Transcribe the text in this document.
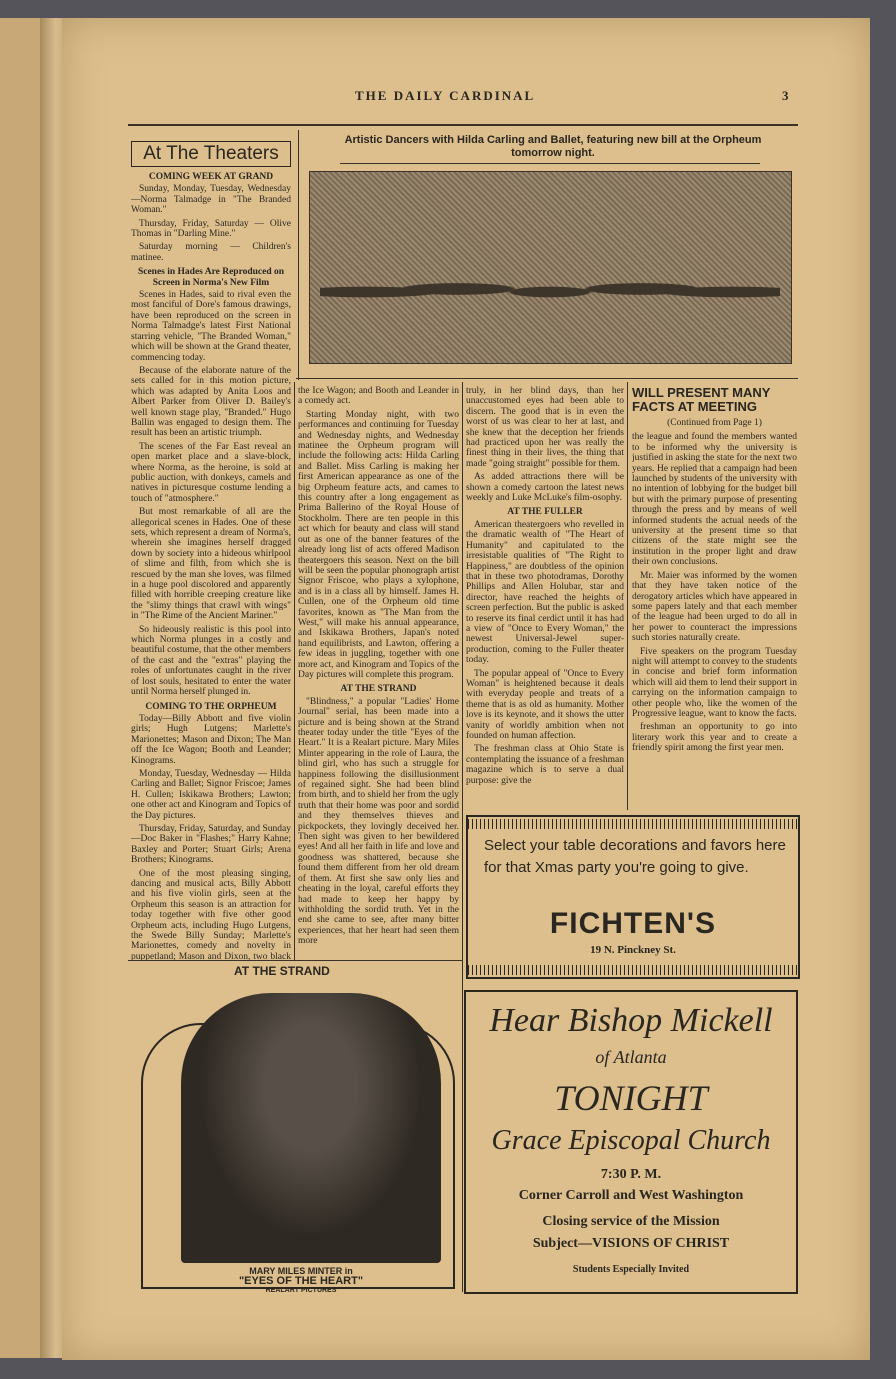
THE DAILY CARDINAL	3
At The Theaters
COMING WEEK AT GRAND

Sunday, Monday, Tuesday, Wednesday—Norma Talmadge in "The Branded Woman."

Thursday, Friday, Saturday — Olive Thomas in "Darling Mine."

Saturday morning — Children's matinee.

Scenes in Hades Are Reproduced on Screen in Norma's New Film

Scenes in Hades, said to rival even the most fanciful of Dore's famous drawings, have been reproduced on the screen in Norma Talmadge's latest First National starring vehicle, "The Branded Woman," which will be shown at the Grand theater, commencing today.

Because of the elaborate nature of the sets called for in this motion picture, which was adapted by Anita Loos and Albert Parker from Oliver D. Bailey's well known stage play, "Branded." Hugo Ballin was engaged to design them. The result has been an artistic triumph.

The scenes of the Far East reveal an open market place and a slave-block, where Norma, as the heroine, is sold at public auction, with donkeys, camels and natives in picturesque costume lending a touch of "atmosphere."

But most remarkable of all are the allegorical scenes in Hades. One of these sets, which represent a dream of Norma's, wherein she imagines herself dragged down by society into a hideous whirlpool of slime and filth, from which she is rescued by the man she loves, was filmed in a huge pool discolored and apparently filled with horrible creeping creature like the "slimy things that crawl with wings" in "The Rime of the Ancient Mariner."

So hideously realistic is this pool into which Norma plunges in a costly and beautiful costume, that the other members of the cast and the "extras" playing the roles of unfortunates caught in the river of lost souls, hesitated to enter the water until Norma herself plunged in.

COMING TO THE ORPHEUM

Today—Billy Abbott and five violin girls; Hugh Lutgens; Marlette's Marionettes; Mason and Dixon; The Man off the Ice Wagon; Booth and Leander; Kinograms.

Monday, Tuesday, Wednesday — Hilda Carling and Ballet; Signor Friscoe; James H. Cullen; Iskikawa Brothers; Lawton; one other act and Kinogram and Topics of the Day pictures.

Thursday, Friday, Saturday, and Sunday—Doc Baker in "Flashes;" Harry Kahne; Baxley and Porter; Stuart Girls; Arena Brothers; Kinograms.

One of the most pleasing singing, dancing and musical acts, Billy Abbott and his five violin girls, seen at the Orpheum this season is an attraction for today together with five other good Orpheum acts, including Hugo Lutgens, the Swede Billy Sunday; Marlette's Marionettes, comedy and novelty in puppetland; Mason and Dixon, two black

Artistic Dancers with Hilda Carling and Ballet, featuring new bill at the Orpheum tomorrow night.

the Ice Wagon; and Booth and Leander in a comedy act.

Starting Monday night, with two performances and continuing for Tuesday and Wednesday nights, and Wednesday matinee the Orpheum program will include the following acts: Hilda Carling and Ballet. Miss Carling is making her first American appearance as one of the big Orpheum feature acts, and cames to this country after a long engagement as Prima Ballerino of the Royal House of Stockholm. There are ten people in this act which for beauty and class will stand out as one of the banner features of the already long list of acts offered Madison theatergoers this season. Next on the bill will be seen the popular phonograph artist Signor Friscoe, who plays a xylophone, and is in a class all by himself. James H. Cullen, one of the Orpheum old time favorites, known as "The Man from the West," will make his annual appearance, and Iskikawa Brothers, Japan's noted hand equilibrists, and Lawton, offering a few ideas in juggling, together with one more act, and Kinogram and Topics of the Day pictures will complete this program.

AT THE STRAND

"Blindness," a popular "Ladies' Home Journal" serial, has been made into a picture and is being shown at the Strand theater today under the title "Eyes of the Heart." It is a Realart picture. Mary Miles Minter appearing in the role of Laura, the blind girl, who has such a struggle for happiness following the disillusionment of regained sight. She had been blind from birth, and to shield her from the ugly truth that their home was poor and sordid and they themselves thieves and pickpockets, they lovingly deceived her. Then sight was given to her bewildered eyes! And all her faith in life and love and goodness was shattered, because she found them different from her old dream of them. At first she saw only lies and cheating in the loyal, careful efforts they had made to keep her happy by withholding the sordid truth. Yet in the end she came to see, after many bitter experiences, that her heart had seen them more

truly, in her blind days, than her unaccustomed eyes had been able to discern. The good that is in even the worst of us was clear to her at last, and she knew that the deception her friends had practiced upon her was really the finest thing in their lives, the thing that made "going straight" possible for them.

As added attractions there will be shown a comedy cartoon the latest news weekly and Luke McLuke's film-osophy.

AT THE FULLER

American theatergoers who revelled in the dramatic wealth of "The Heart of Humanity" and capitulated to the irresistable qualities of "The Right to Happiness," are doubtless of the opinion that in these two photodramas, Dorothy Phillips and Allen Holubar, star and director, have reached the heights of screen perfection. But the public is asked to reserve its final cerdict until it has had a view of "Once to Every Woman," the newest Universal-Jewel super-production, coming to the Fuller theater today.

The popular appeal of "Once to Every Woman" is heightened because it deals with everyday people and treats of a theme that is as old as humanity. Mother love is its keynote, and it shows the utter vanity of worldly ambition when not founded on human affection.

The freshman class at Ohio State is contemplating the issuance of a freshman magazine which is to serve a dual purpose: give the

WILL PRESENT MANY FACTS AT MEETING
(Continued from Page 1)

the league and found the members wanted to be informed why the university is justified in asking the state for the next two years. He replied that a campaign had been launched by students of the university with no intention of lobbying for the budget bill but with the primary purpose of presenting through the press and by means of well informed students the actual needs of the university at the present time so that citizens of the state might see the institution in the proper light and draw their own conclusions.

Mr. Maier was informed by the women that they have taken notice of the derogatory articles which have appeared in some papers lately and that each member of the league had been urged to do all in her power to counteract the impressions such stories naturally create.

Five speakers on the program Tuesday night will attempt to convey to the students in concise and brief form information which will aid them to lend their support in carrying on the information campaign to other people who, like the women of the Progressive league, want to know the facts.

freshman an opportunity to go into literary work this year and to create a friendly spirit among the first year men.

AT THE STRAND
MARY MILES MINTER in
"EYES OF THE HEART"
REALART PICTURES
Select your table decorations and favors here for that Xmas party you're going to give.
FICHTEN'S
19 N. Pinckney St.
Hear Bishop Mickell
of Atlanta
TONIGHT
Grace Episcopal Church
7:30 P. M.
Corner Carroll and West Washington
Closing service of the Mission
Subject—VISIONS OF CHRIST
Students Especially Invited
